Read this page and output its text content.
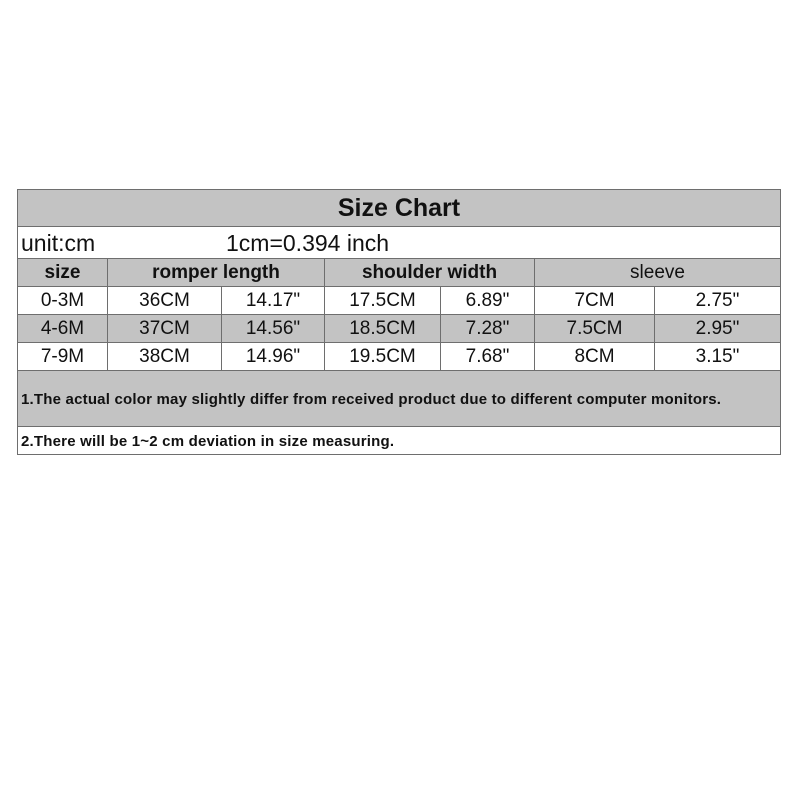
Size Chart						

unit:cm 1cm=0.394 inch						

size	romper length		shoulder width		sleeve	
0-3M	36CM	14.17"	17.5CM	6.89"	7CM	2.75"
4-6M	37CM	14.56"	18.5CM	7.28"	7.5CM	2.95"
7-9M	38CM	14.96"	19.5CM	7.68"	8CM	3.15"
1.The actual color may slightly differ from received product due to different computer monitors.						
2.There will be 1~2 cm deviation in size measuring.						
